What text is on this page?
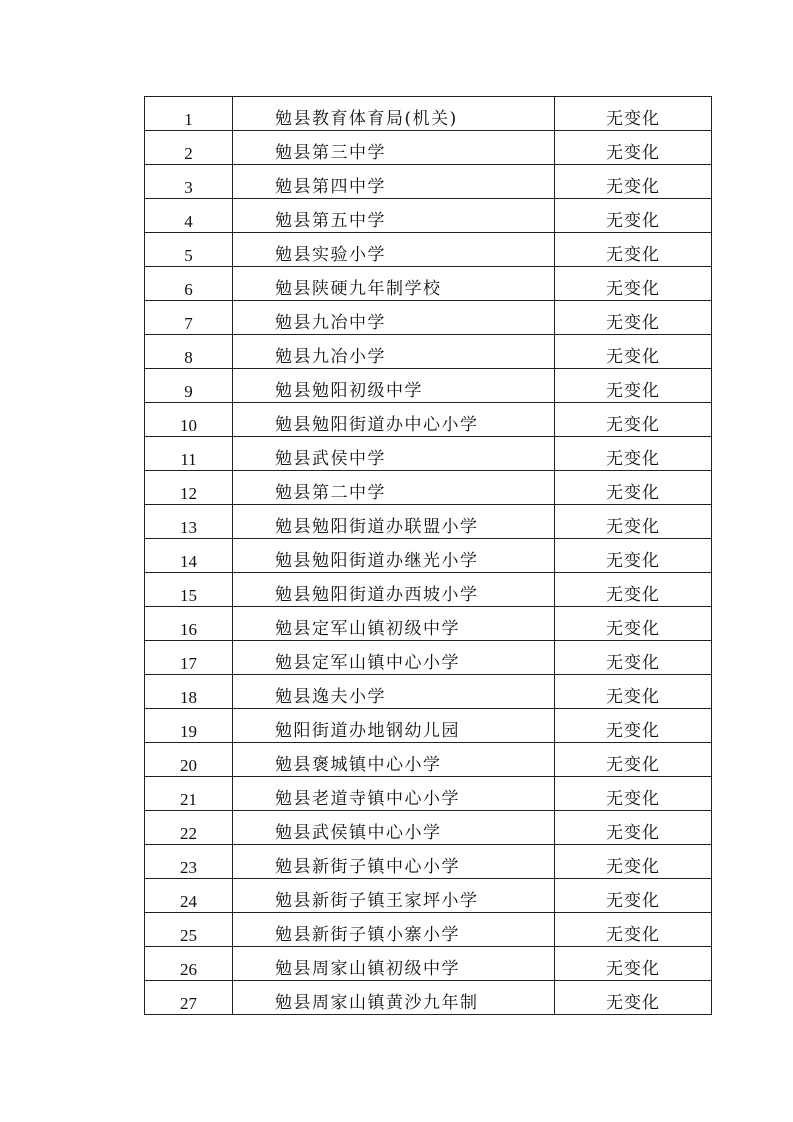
1	勉县教育体育局(机关)	无变化
2	勉县第三中学	无变化
3	勉县第四中学	无变化
4	勉县第五中学	无变化
5	勉县实验小学	无变化
6	勉县陕硬九年制学校	无变化
7	勉县九冶中学	无变化
8	勉县九冶小学	无变化
9	勉县勉阳初级中学	无变化
10	勉县勉阳街道办中心小学	无变化
11	勉县武侯中学	无变化
12	勉县第二中学	无变化
13	勉县勉阳街道办联盟小学	无变化
14	勉县勉阳街道办继光小学	无变化
15	勉县勉阳街道办西坡小学	无变化
16	勉县定军山镇初级中学	无变化
17	勉县定军山镇中心小学	无变化
18	勉县逸夫小学	无变化
19	勉阳街道办地钢幼儿园	无变化
20	勉县褒城镇中心小学	无变化
21	勉县老道寺镇中心小学	无变化
22	勉县武侯镇中心小学	无变化
23	勉县新街子镇中心小学	无变化
24	勉县新街子镇王家坪小学	无变化
25	勉县新街子镇小寨小学	无变化
26	勉县周家山镇初级中学	无变化
27	勉县周家山镇黄沙九年制	无变化
